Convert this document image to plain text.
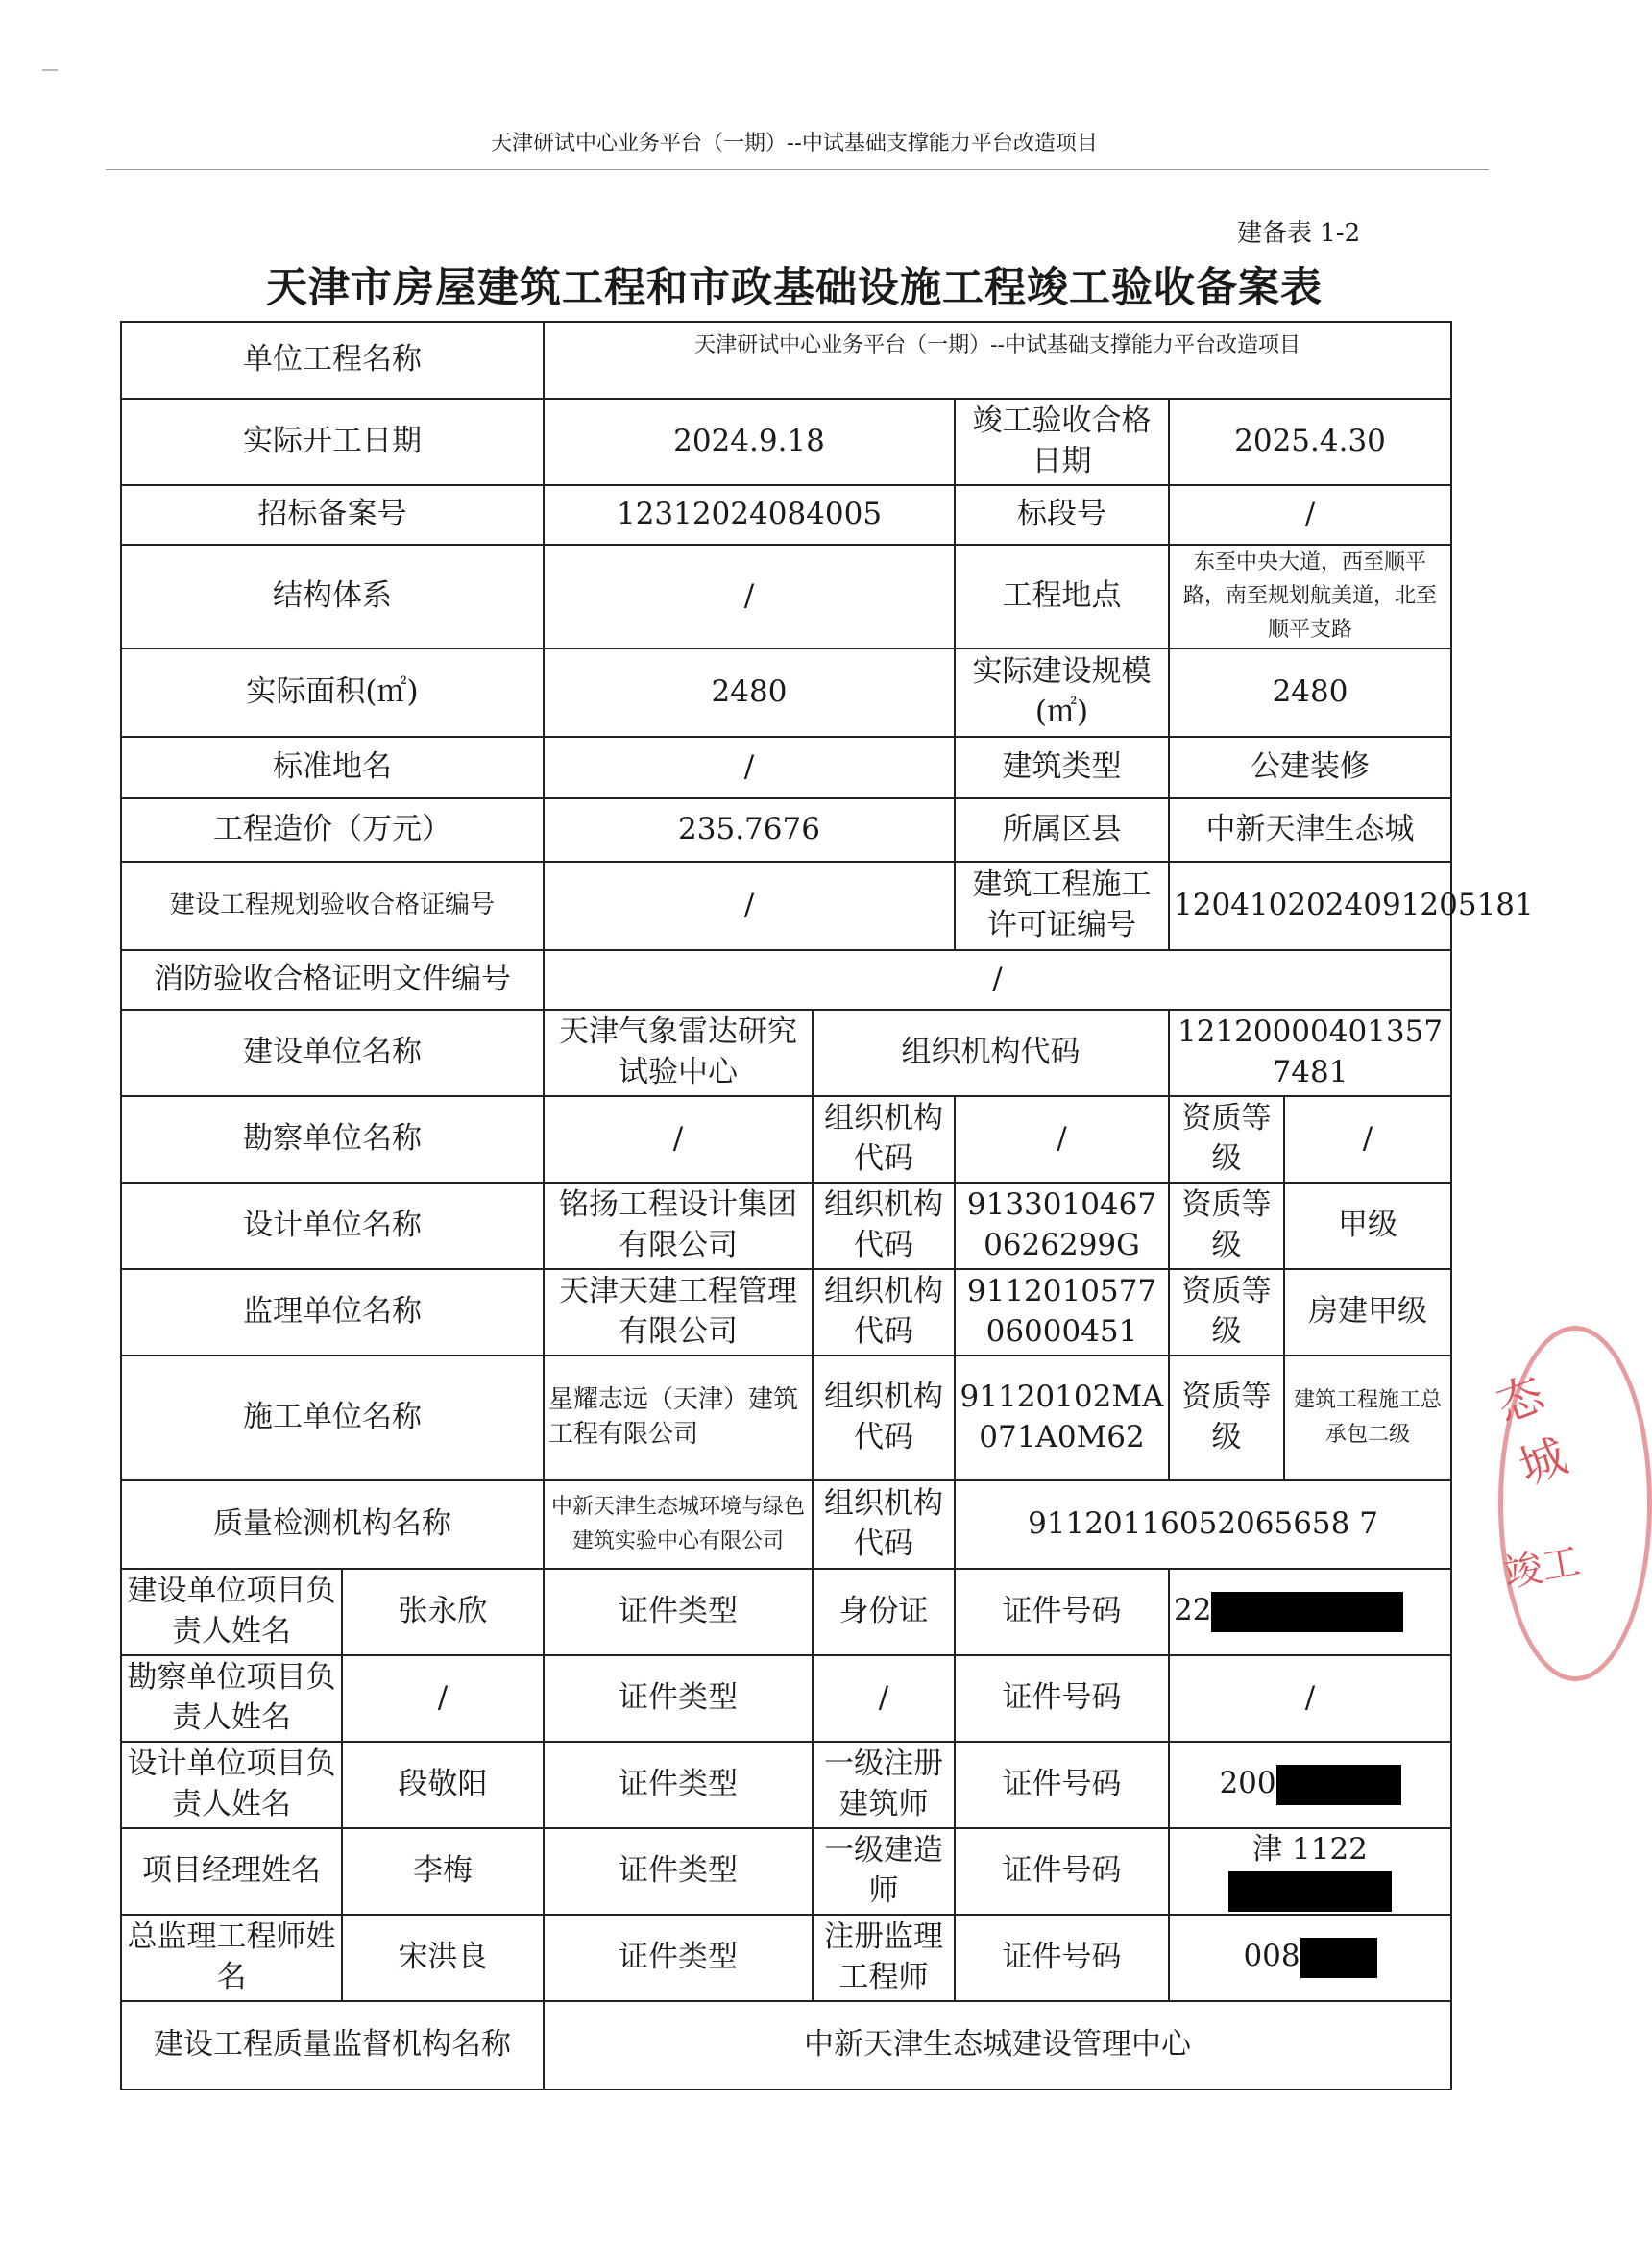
天津研试中心业务平台（一期）--中试基础支撑能力平台改造项目
建备表 1-2
天津市房屋建筑工程和市政基础设施工程竣工验收备案表
单位工程名称		天津研试中心业务平台（一期）--中试基础支撑能力平台改造项目				
实际开工日期		2024.9.18		竣工验收合格日期	2025.4.30	
招标备案号		12312024084005		标段号	/	
结构体系		/		工程地点	东至中央大道，西至顺平路，南至规划航美道，北至顺平支路	
实际面积(㎡)		2480		实际建设规模(㎡)	2480	
标准地名		/		建筑类型	公建装修	
工程造价（万元）		235.7676		所属区县	中新天津生态城	
建设工程规划验收合格证编号		/		建筑工程施工许可证编号	1204102024091205181	
消防验收合格证明文件编号		/				
建设单位名称		天津气象雷达研究试验中心	组织机构代码		121200004013577481	
勘察单位名称		/	组织机构代码	/	资质等级	/
设计单位名称		铭扬工程设计集团有限公司	组织机构代码	91330104670626299G	资质等级	甲级
监理单位名称		天津天建工程管理有限公司	组织机构代码	911201057706000451	资质等级	房建甲级
施工单位名称		星耀志远（天津）建筑工程有限公司	组织机构代码	91120102MA071A0M62	资质等级	建筑工程施工总承包二级
质量检测机构名称		中新天津生态城环境与绿色建筑实验中心有限公司	组织机构代码	91120116052065658 7		
建设单位项目负责人姓名	张永欣	证件类型	身份证	证件号码	22	
勘察单位项目负责人姓名	/	证件类型	/	证件号码	/	
设计单位项目负责人姓名	段敬阳	证件类型	一级注册建筑师	证件号码	200	
项目经理姓名	李梅	证件类型	一级建造师	证件号码	津 1122	
总监理工程师姓名	宋洪良	证件类型	注册监理工程师	证件号码	008	
建设工程质量监督机构名称		中新天津生态城建设管理中心				
态城
竣工
